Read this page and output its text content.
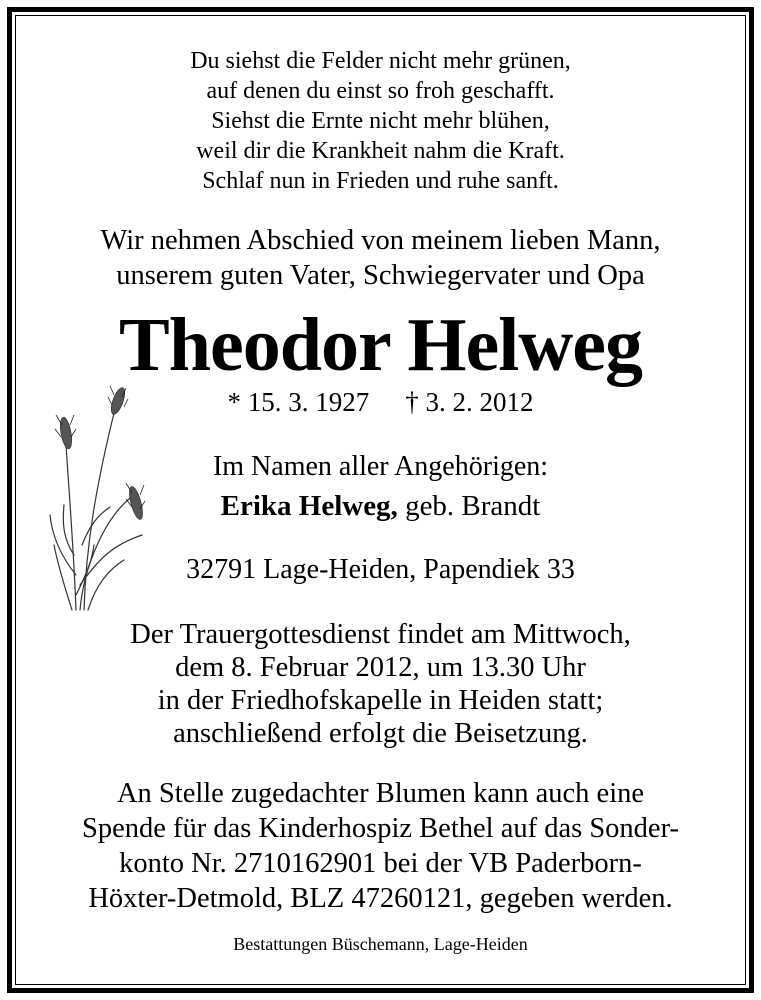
Du siehst die Felder nicht mehr grünen,
auf denen du einst so froh geschafft.
Siehst die Ernte nicht mehr blühen,
weil dir die Krankheit nahm die Kraft.
Schlaf nun in Frieden und ruhe sanft.
Wir nehmen Abschied von meinem lieben Mann,
unserem guten Vater, Schwiegervater und Opa
Theodor Helweg
* 15. 3. 1927 † 3. 2. 2012
Im Namen aller Angehörigen:
Erika Helweg, geb. Brandt
32791 Lage-Heiden, Papendiek 33
Der Trauergottesdienst findet am Mittwoch,
dem 8. Februar 2012, um 13.30 Uhr
in der Friedhofskapelle in Heiden statt;
anschließend erfolgt die Beisetzung.
An Stelle zugedachter Blumen kann auch eine
Spende für das Kinderhospiz Bethel auf das Sonder-
konto Nr. 2710162901 bei der VB Paderborn-
Höxter-Detmold, BLZ 47260121, gegeben werden.
Bestattungen Büschemann, Lage-Heiden
